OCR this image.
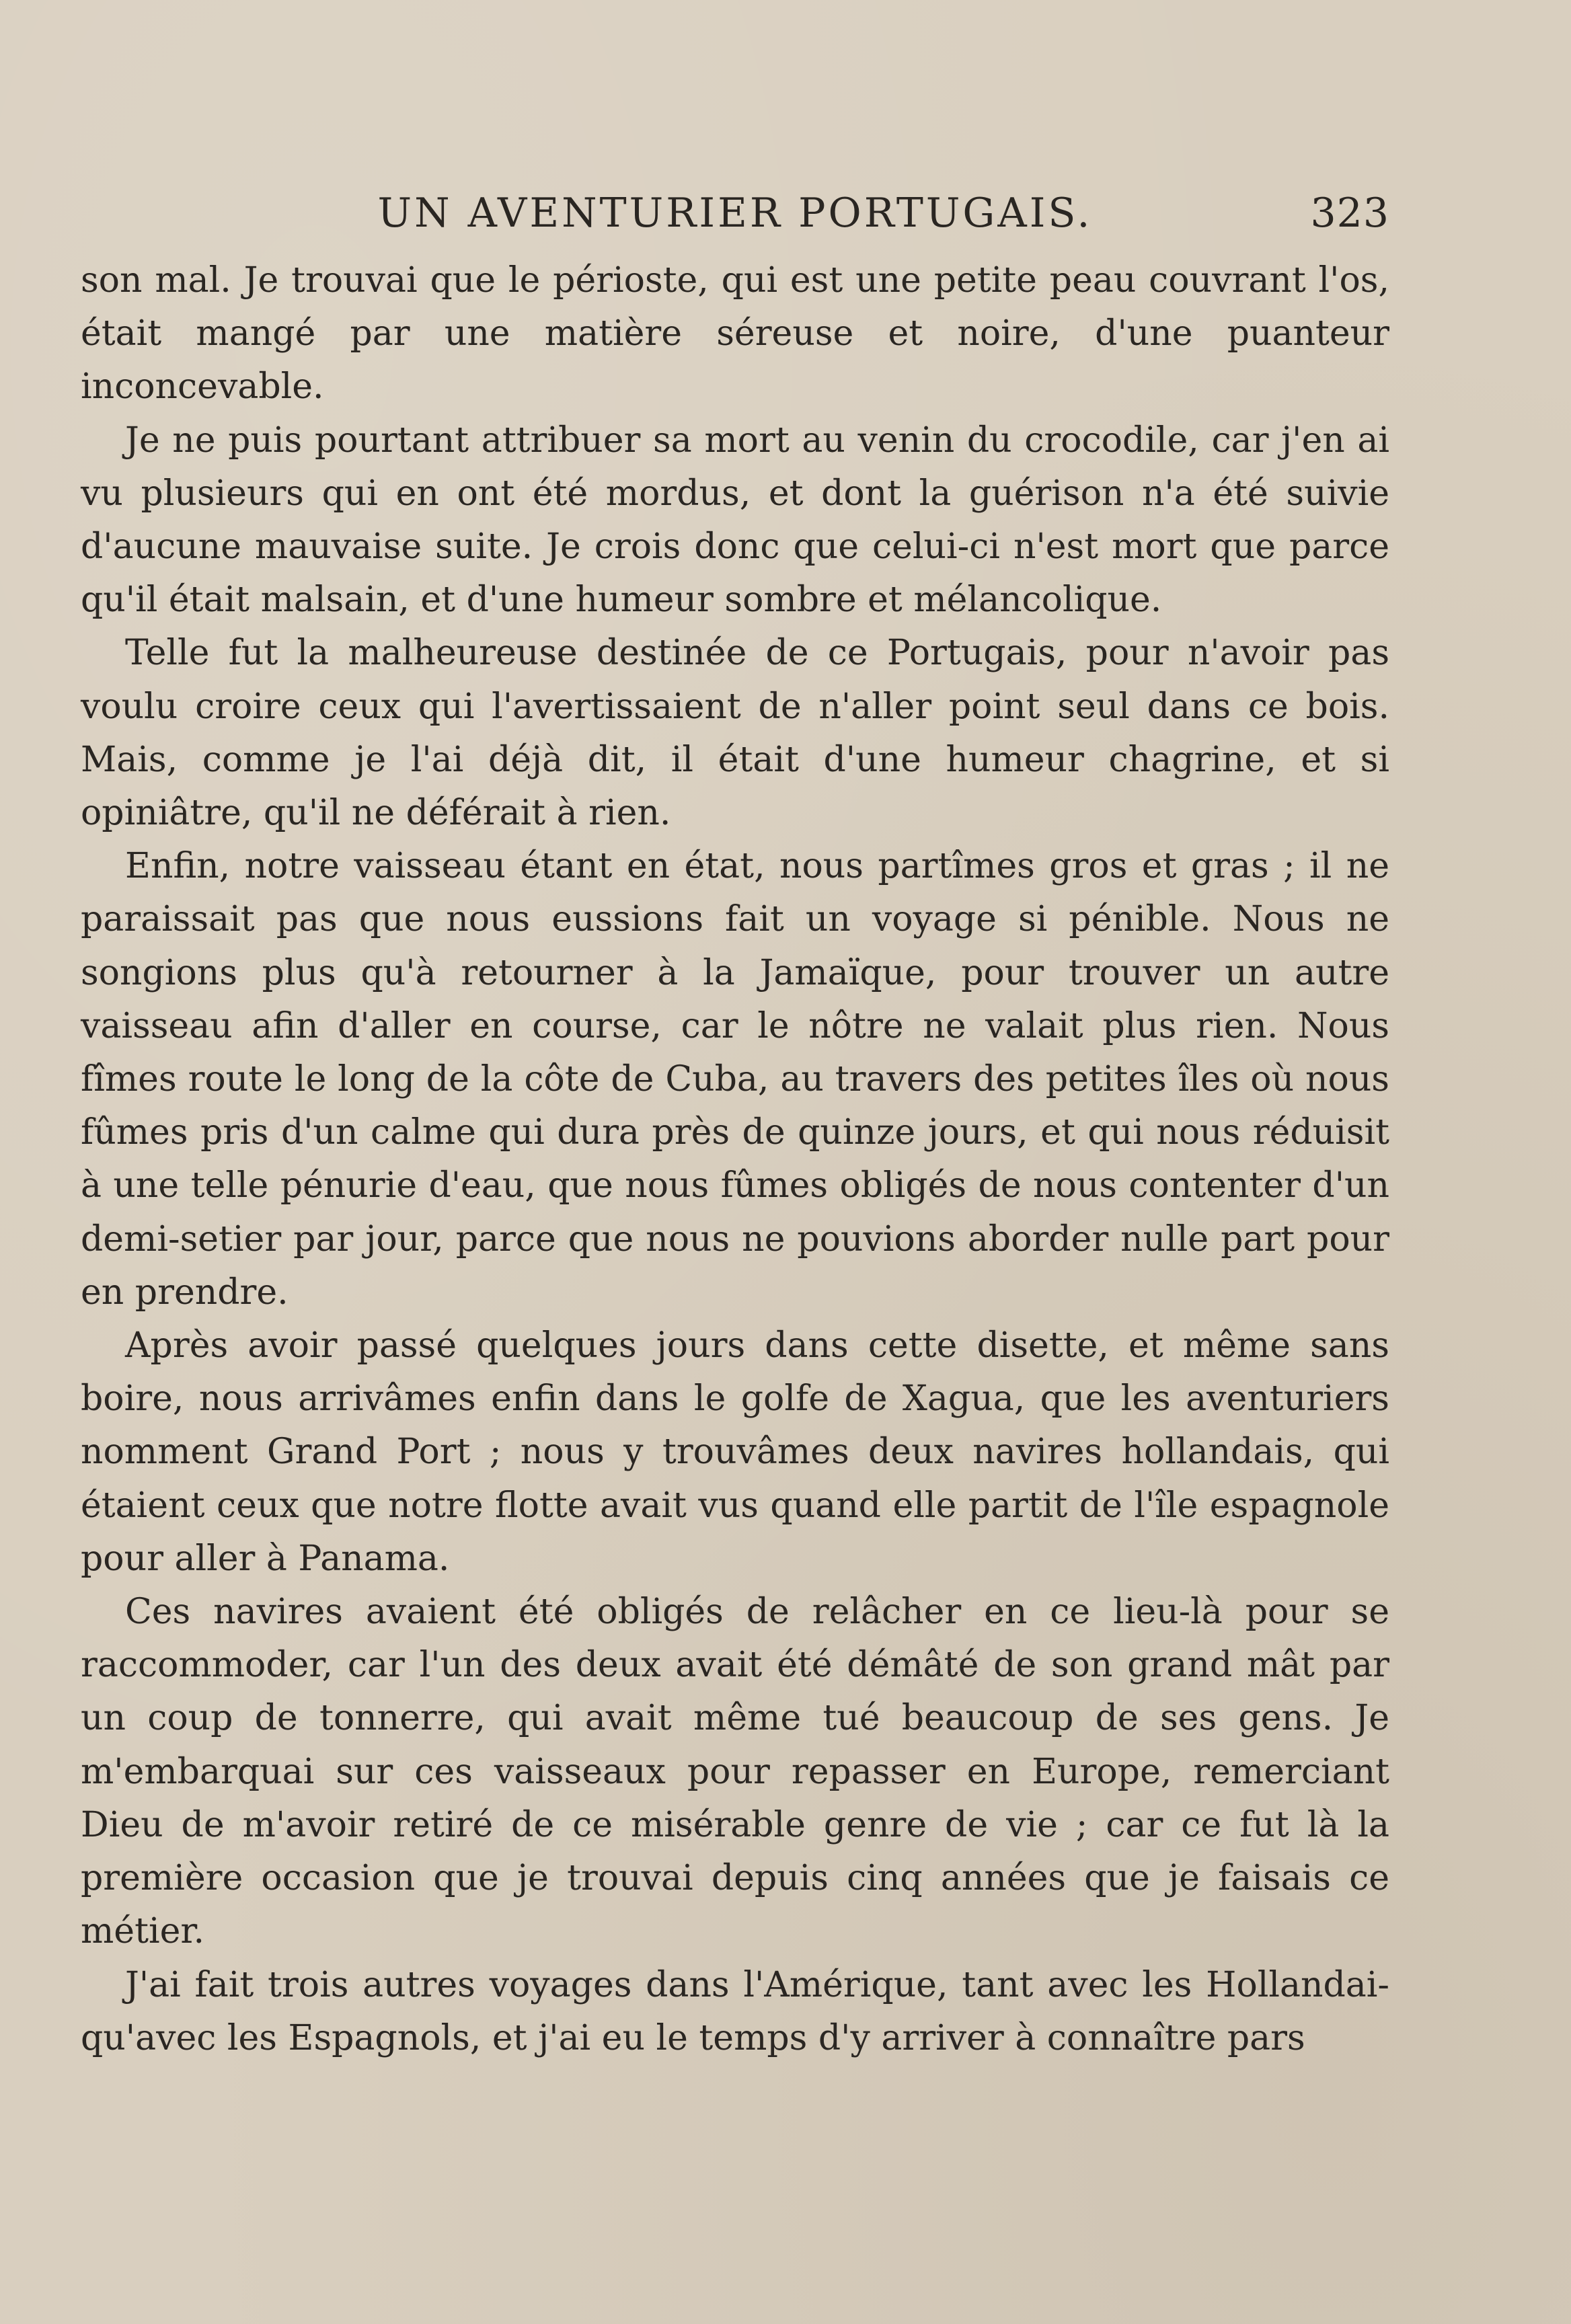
UN AVENTURIER PORTUGAIS.	323

son mal. Je trouvai que le périoste, qui est une petite peau couvrant l'os, était mangé par une matière séreuse et noire, d'une puanteur inconcevable.

Je ne puis pourtant attribuer sa mort au venin du crocodile, car j'en ai vu plusieurs qui en ont été mordus, et dont la guérison n'a été suivie d'aucune mauvaise suite. Je crois donc que celui-ci n'est mort que parce qu'il était malsain, et d'une humeur sombre et mélancolique.

Telle fut la malheureuse destinée de ce Portugais, pour n'avoir pas voulu croire ceux qui l'avertissaient de n'aller point seul dans ce bois. Mais, comme je l'ai déjà dit, il était d'une humeur chagrine, et si opiniâtre, qu'il ne déférait à rien.

Enfin, notre vaisseau étant en état, nous partîmes gros et gras ; il ne paraissait pas que nous eussions fait un voyage si pénible. Nous ne songions plus qu'à retourner à la Jamaïque, pour trouver un autre vaisseau afin d'aller en course, car le nôtre ne valait plus rien. Nous fîmes route le long de la côte de Cuba, au travers des petites îles où nous fûmes pris d'un calme qui dura près de quinze jours, et qui nous réduisit à une telle pénurie d'eau, que nous fûmes obligés de nous contenter d'un demi-setier par jour, parce que nous ne pouvions aborder nulle part pour en prendre.

Après avoir passé quelques jours dans cette disette, et même sans boire, nous arrivâmes enfin dans le golfe de Xagua, que les aventuriers nomment Grand Port ; nous y trouvâmes deux navires hollandais, qui étaient ceux que notre flotte avait vus quand elle partit de l'île espagnole pour aller à Panama.

Ces navires avaient été obligés de relâcher en ce lieu-là pour se raccommoder, car l'un des deux avait été démâté de son grand mât par un coup de tonnerre, qui avait même tué beaucoup de ses gens. Je m'embarquai sur ces vaisseaux pour repasser en Europe, remerciant Dieu de m'avoir retiré de ce misérable genre de vie ; car ce fut là la première occasion que je trouvai depuis cinq années que je faisais ce métier.

J'ai fait trois autres voyages dans l'Amérique, tant avec les Hollandai- qu'avec les Espagnols, et j'ai eu le temps d'y arriver à connaître pars
